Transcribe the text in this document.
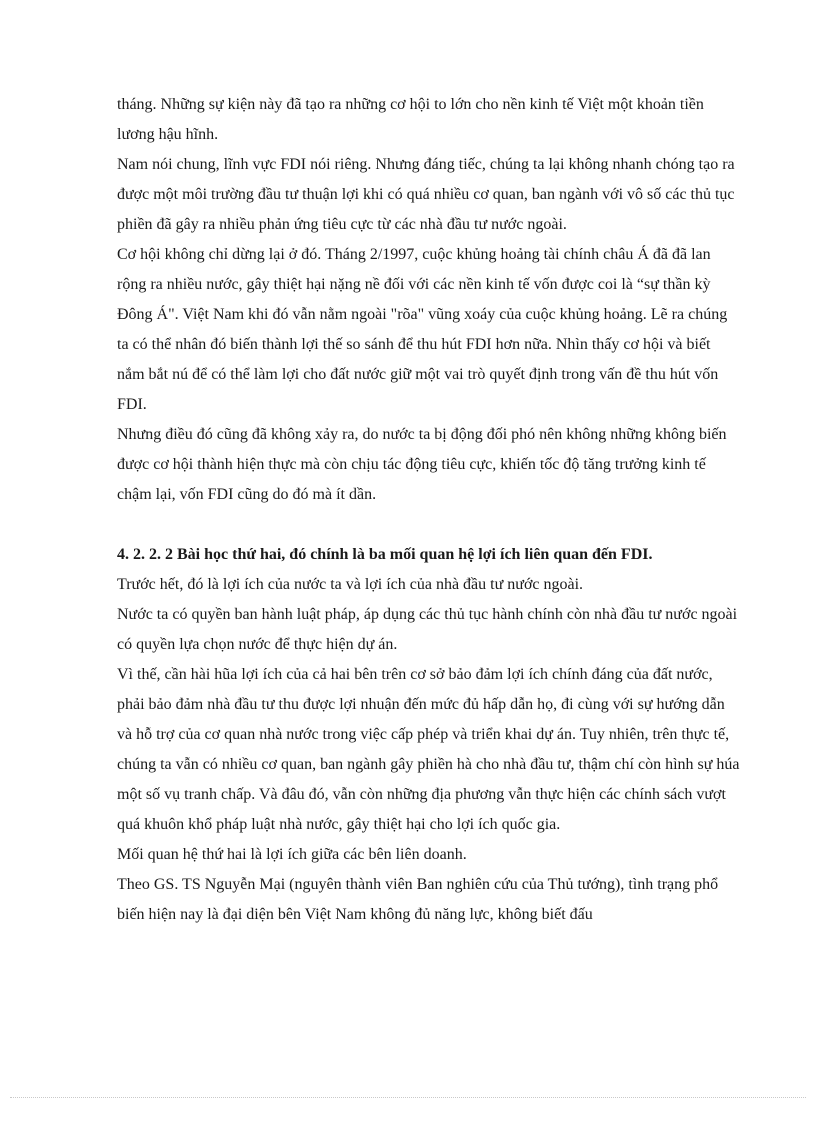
tháng. Những sự kiện này đã tạo ra những cơ hội to lớn cho nền kinh tế Việt một khoản tiền lương hậu hĩnh.

Nam nói chung, lĩnh vực FDI nói riêng. Nhưng đáng tiếc, chúng ta lại không nhanh chóng tạo ra được một môi trường đầu tư thuận lợi khi có quá nhiều cơ quan, ban ngành với vô số các thủ tục phiền đã gây ra nhiều phản ứng tiêu cực từ các nhà đầu tư nước ngoài.

Cơ hội không chỉ dừng lại ở đó. Tháng 2/1997, cuộc khủng hoảng tài chính châu Á đã đã lan rộng ra nhiều nước, gây thiệt hại nặng nề đối với các nền kinh tế vốn được coi là “sự thần kỳ Đông Á". Việt Nam khi đó vẫn nằm ngoài "rõa" vũng xoáy của cuộc khủng hoảng. Lẽ ra chúng ta có thể nhân đó biến thành lợi thế so sánh để thu hút FDI hơn nữa. Nhìn thấy cơ hội và biết nắm bắt nú để có thể làm lợi cho đất nước giữ một vai trò quyết định trong vấn đề thu hút vốn FDI.

Nhưng điều đó cũng đã không xảy ra, do nước ta bị động đối phó nên không những không biến được cơ hội thành hiện thực mà còn chịu tác động tiêu cực, khiến tốc độ tăng trưởng kinh tế chậm lại, vốn FDI cũng do đó mà ít dần.

4. 2. 2. 2 Bài học thứ hai, đó chính là ba mối quan hệ lợi ích liên quan đến FDI.

Trước hết, đó là lợi ích của nước ta và lợi ích của nhà đầu tư nước ngoài.

Nước ta có quyền ban hành luật pháp, áp dụng các thủ tục hành chính còn nhà đầu tư nước ngoài có quyền lựa chọn nước để thực hiện dự án.

Vì thế, cần hài hũa lợi ích của cả hai bên trên cơ sở bảo đảm lợi ích chính đáng của đất nước, phải bảo đảm nhà đầu tư thu được lợi nhuận đến mức đủ hấp dẫn họ, đi cùng với sự hướng dẫn và hỗ trợ của cơ quan nhà nước trong việc cấp phép và triển khai dự án. Tuy nhiên, trên thực tế, chúng ta vẫn có nhiều cơ quan, ban ngành gây phiền hà cho nhà đầu tư, thậm chí còn hình sự húa một số vụ tranh chấp. Và đâu đó, vẫn còn những địa phương vẫn thực hiện các chính sách vượt quá khuôn khổ pháp luật nhà nước, gây thiệt hại cho lợi ích quốc gia.

Mối quan hệ thứ hai là lợi ích giữa các bên liên doanh.

Theo GS. TS Nguyễn Mại (nguyên thành viên Ban nghiên cứu của Thủ tướng), tình trạng phổ biến hiện nay là đại diện bên Việt Nam không đủ năng lực, không biết đấu
